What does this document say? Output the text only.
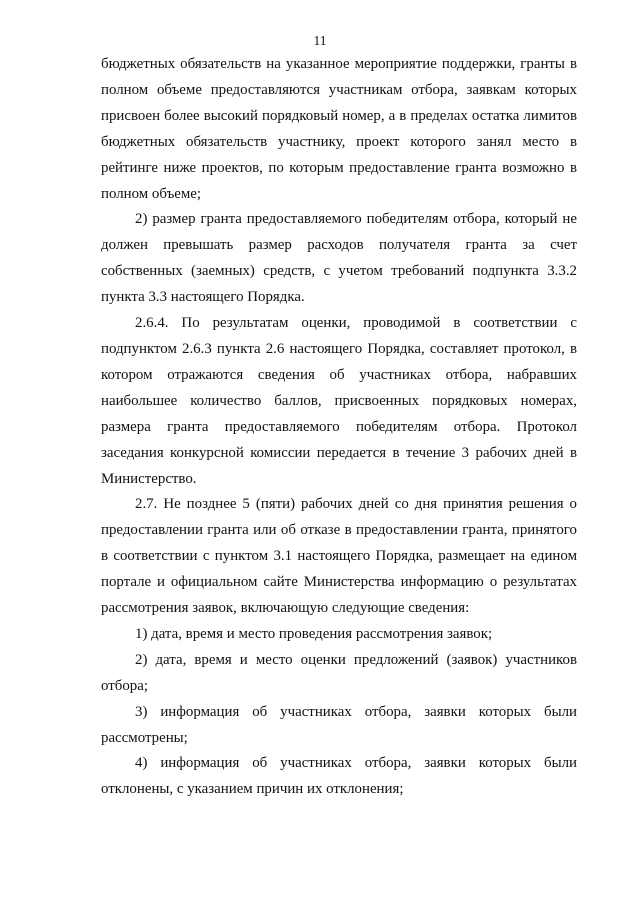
11

бюджетных обязательств на указанное мероприятие поддержки, гранты в полном объеме предоставляются участникам отбора, заявкам которых присвоен более высокий порядковый номер, а в пределах остатка лимитов бюджетных обязательств участнику, проект которого занял место в рейтинге ниже проектов, по которым предоставление гранта возможно в полном объеме;

2) размер гранта предоставляемого победителям отбора, который не должен превышать размер расходов получателя гранта за счет собственных (заемных) средств, с учетом требований подпункта 3.3.2 пункта 3.3 настоящего Порядка.

2.6.4. По результатам оценки, проводимой в соответствии с подпунктом 2.6.3 пункта 2.6 настоящего Порядка, составляет протокол, в котором отражаются сведения об участниках отбора, набравших наибольшее количество баллов, присвоенных порядковых номерах, размера гранта предоставляемого победителям отбора. Протокол заседания конкурсной комиссии передается в течение 3 рабочих дней в Министерство.

2.7. Не позднее 5 (пяти) рабочих дней со дня принятия решения о предоставлении гранта или об отказе в предоставлении гранта, принятого в соответствии с пунктом 3.1 настоящего Порядка, размещает на едином портале и официальном сайте Министерства информацию о результатах рассмотрения заявок, включающую следующие сведения:

1) дата, время и место проведения рассмотрения заявок;

2) дата, время и место оценки предложений (заявок) участников отбора;

3) информация об участниках отбора, заявки которых были рассмотрены;

4) информация об участниках отбора, заявки которых были отклонены, с указанием причин их отклонения;
